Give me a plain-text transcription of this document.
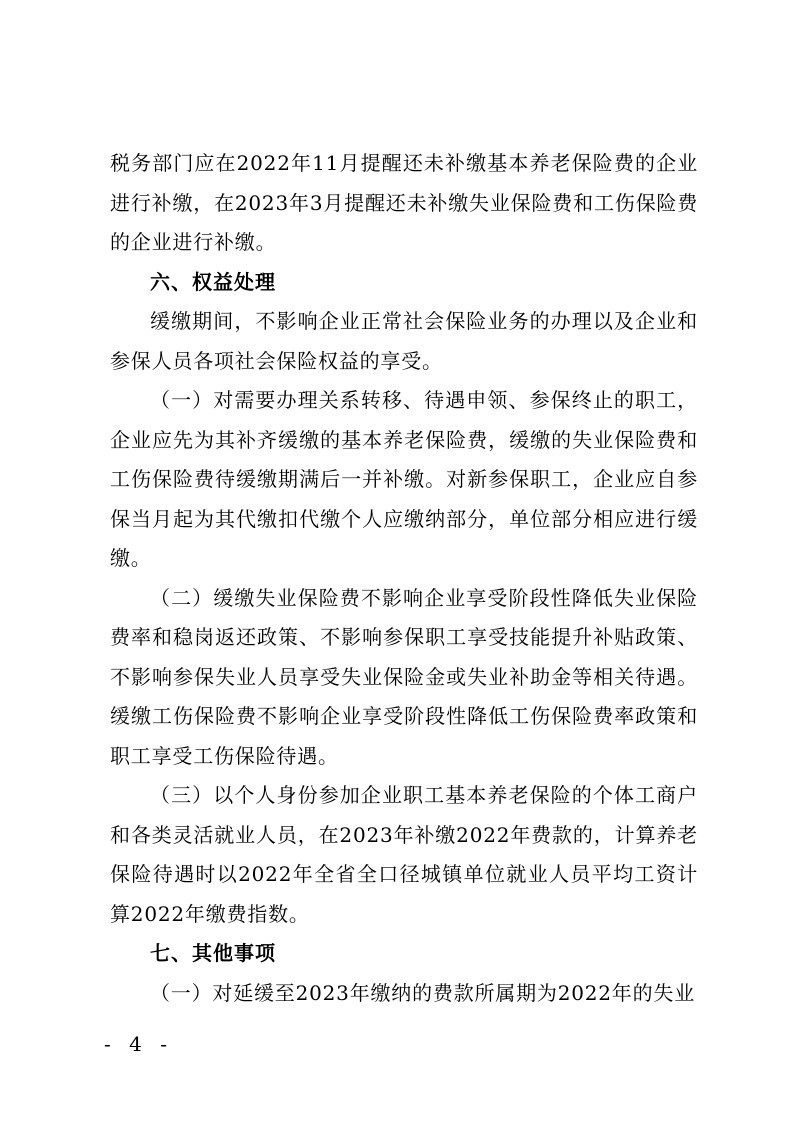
税务部门应在2022年11月提醒还未补缴基本养老保险费的企业进行补缴，在2023年3月提醒还未补缴失业保险费和工伤保险费的企业进行补缴。

六、权益处理

缓缴期间，不影响企业正常社会保险业务的办理以及企业和参保人员各项社会保险权益的享受。

（一）对需要办理关系转移、待遇申领、参保终止的职工，企业应先为其补齐缓缴的基本养老保险费，缓缴的失业保险费和工伤保险费待缓缴期满后一并补缴。对新参保职工，企业应自参保当月起为其代缴扣代缴个人应缴纳部分，单位部分相应进行缓缴。

（二）缓缴失业保险费不影响企业享受阶段性降低失业保险费率和稳岗返还政策、不影响参保职工享受技能提升补贴政策、不影响参保失业人员享受失业保险金或失业补助金等相关待遇。缓缴工伤保险费不影响企业享受阶段性降低工伤保险费率政策和职工享受工伤保险待遇。

（三）以个人身份参加企业职工基本养老保险的个体工商户和各类灵活就业人员，在2023年补缴2022年费款的，计算养老保险待遇时以2022年全省全口径城镇单位就业人员平均工资计算2022年缴费指数。

七、其他事项

（一）对延缓至2023年缴纳的费款所属期为2022年的失业

- 4 -
